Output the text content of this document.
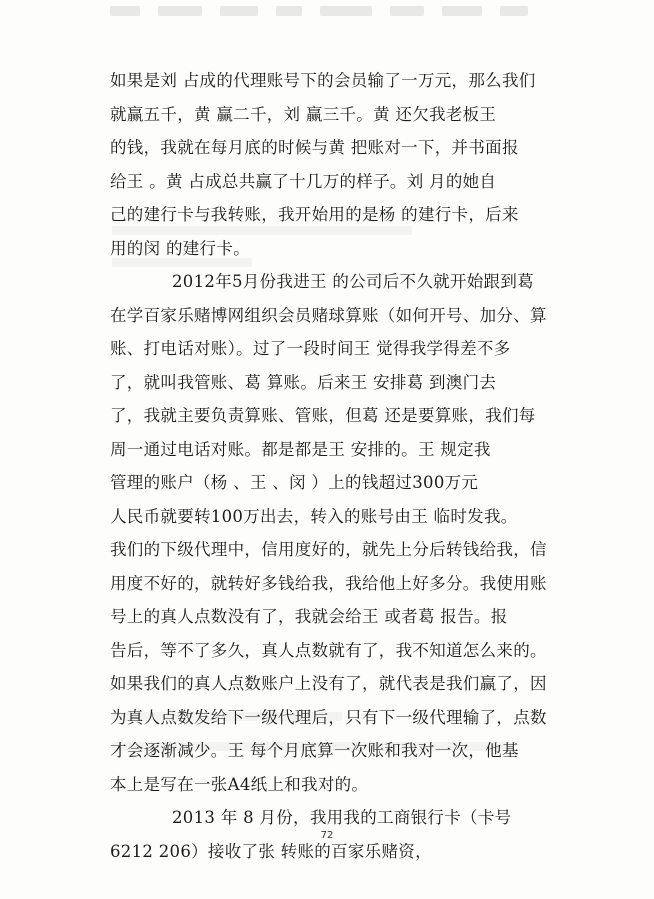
如果是刘 占成的代理账号下的会员输了一万元，那么我们

就赢五千，黄 赢二千，刘 赢三千。黄 还欠我老板王

的钱，我就在每月底的时候与黄 把账对一下，并书面报

给王 。黄 占成总共赢了十几万的样子。刘 月的她自

己的建行卡与我转账，我开始用的是杨 的建行卡，后来

用的闵 的建行卡。

2012年5月份我进王 的公司后不久就开始跟到葛

在学百家乐赌博网组织会员赌球算账（如何开号、加分、算

账、打电话对账）。过了一段时间王 觉得我学得差不多

了，就叫我管账、葛 算账。后来王 安排葛 到澳门去

了，我就主要负责算账、管账，但葛 还是要算账，我们每

周一通过电话对账。都是都是王 安排的。王 规定我

管理的账户（杨 、王 、闵 ）上的钱超过300万元

人民币就要转100万出去，转入的账号由王 临时发我。

我们的下级代理中，信用度好的，就先上分后转钱给我，信

用度不好的，就转好多钱给我，我给他上好多分。我使用账

号上的真人点数没有了，我就会给王 或者葛 报告。报

告后，等不了多久，真人点数就有了，我不知道怎么来的。

如果我们的真人点数账户上没有了，就代表是我们赢了，因

为真人点数发给下一级代理后，只有下一级代理输了，点数

才会逐渐减少。王 每个月底算一次账和我对一次，他基

本上是写在一张A4纸上和我对的。

2013 年 8 月份，我用我的工商银行卡（卡号

6212 206）接收了张 转账的百家乐赌资，

72
